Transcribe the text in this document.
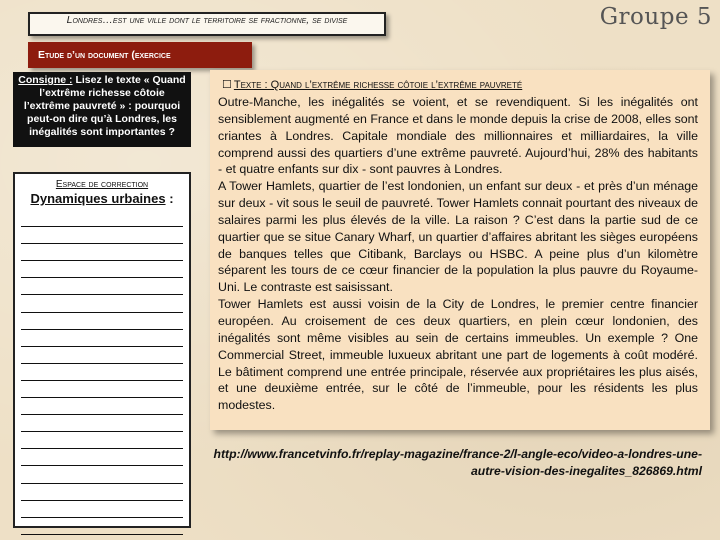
Londres…est une ville dont le territoire se fractionne, se divise	Groupe 5
Etude d’un document (exercice
Consigne : Lisez le texte « Quand l’extrême richesse côtoie l’extrême pauvreté » : pourquoi peut-on dire qu’à Londres, les inégalités sont importantes ?
Espace de correction
Dynamiques urbaines :
☐ Texte : Quand l’extrême richesse côtoie l’extrême pauvreté

Outre-Manche, les inégalités se voient, et se revendiquent. Si les inégalités ont sensiblement augmenté en France et dans le monde depuis la crise de 2008, elles sont criantes à Londres. Capitale mondiale des millionnaires et milliardaires, la ville comprend aussi des quartiers d’une extrême pauvreté. Aujourd’hui, 28% des habitants - et quatre enfants sur dix - sont pauvres à Londres.

A Tower Hamlets, quartier de l’est londonien, un enfant sur deux - et près d’un ménage sur deux - vit sous le seuil de pauvreté. Tower Hamlets connait pourtant des niveaux de salaires parmi les plus élevés de la ville. La raison ? C’est dans la partie sud de ce quartier que se situe Canary Wharf, un quartier d’affaires abritant les sièges européens de banques telles que Citibank, Barclays ou HSBC. A peine plus d’un kilomètre séparent les tours de ce cœur financier de la population la plus pauvre du Royaume-Uni. Le contraste est saisissant.

Tower Hamlets est aussi voisin de la City de Londres, le premier centre financier européen. Au croisement de ces deux quartiers, en plein cœur londonien, des inégalités sont même visibles au sein de certains immeubles. Un exemple ? One Commercial Street, immeuble luxueux abritant une part de logements à coût modéré. Le bâtiment comprend une entrée principale, réservée aux propriétaires les plus aisés, et une deuxième entrée, sur le côté de l’immeuble, pour les résidents les plus modestes.

http://www.francetvinfo.fr/replay-magazine/france-2/l-angle-eco/video-a-londres-une-autre-vision-des-inegalites_826869.html
